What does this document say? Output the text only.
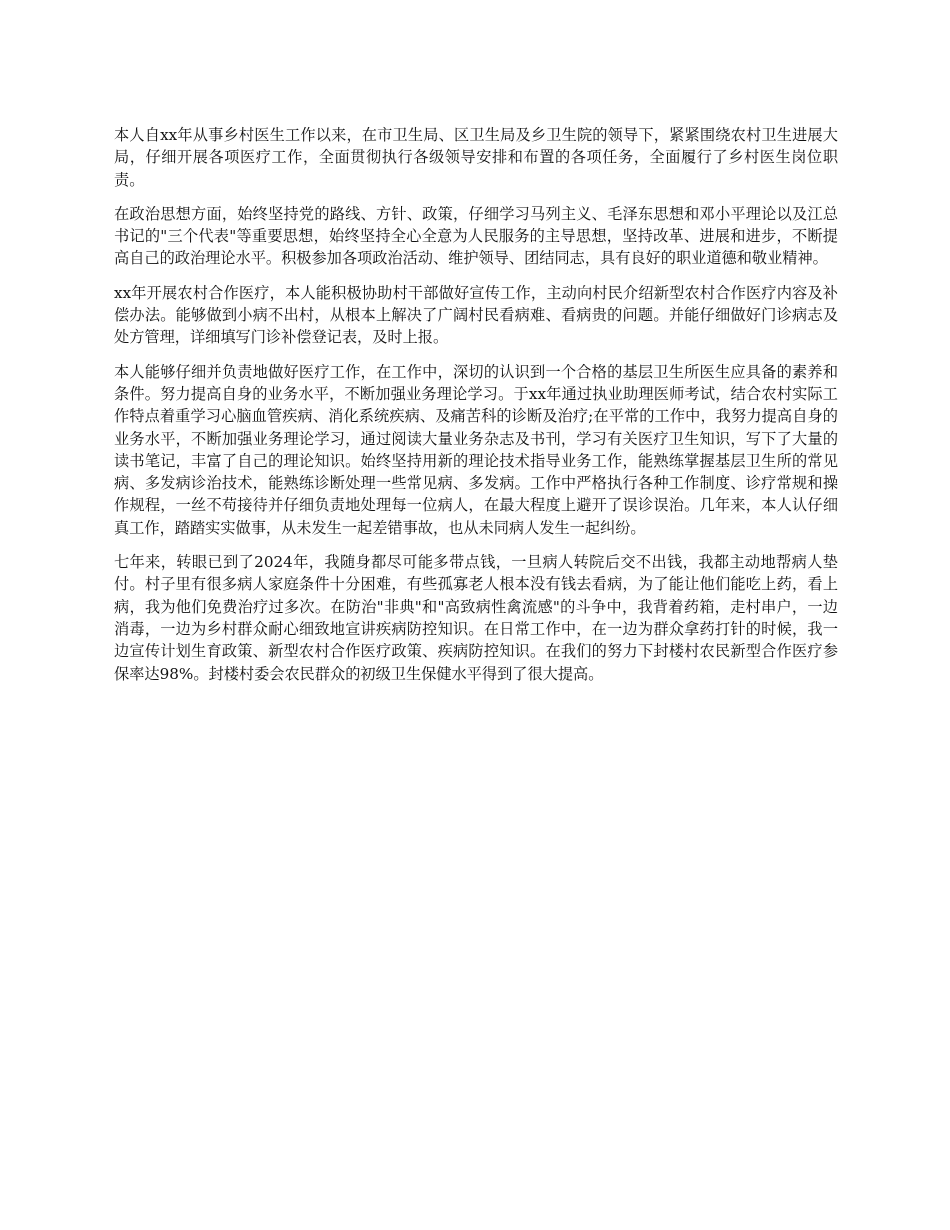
本人自xx年从事乡村医生工作以来，在市卫生局、区卫生局及乡卫生院的领导下，紧紧围绕农村卫生进展大局，仔细开展各项医疗工作，全面贯彻执行各级领导安排和布置的各项任务，全面履行了乡村医生岗位职责。

在政治思想方面，始终坚持党的路线、方针、政策，仔细学习马列主义、毛泽东思想和邓小平理论以及江总书记的"三个代表"等重要思想，始终坚持全心全意为人民服务的主导思想，坚持改革、进展和进步，不断提高自己的政治理论水平。积极参加各项政治活动、维护领导、团结同志，具有良好的职业道德和敬业精神。

xx年开展农村合作医疗，本人能积极协助村干部做好宣传工作，主动向村民介绍新型农村合作医疗内容及补偿办法。能够做到小病不出村，从根本上解决了广阔村民看病难、看病贵的问题。并能仔细做好门诊病志及处方管理，详细填写门诊补偿登记表，及时上报。

本人能够仔细并负责地做好医疗工作，在工作中，深切的认识到一个合格的基层卫生所医生应具备的素养和条件。努力提高自身的业务水平，不断加强业务理论学习。于xx年通过执业助理医师考试，结合农村实际工作特点着重学习心脑血管疾病、消化系统疾病、及痛苦科的诊断及治疗;在平常的工作中，我努力提高自身的业务水平，不断加强业务理论学习，通过阅读大量业务杂志及书刊，学习有关医疗卫生知识，写下了大量的读书笔记，丰富了自己的理论知识。始终坚持用新的理论技术指导业务工作，能熟练掌握基层卫生所的常见病、多发病诊治技术，能熟练诊断处理一些常见病、多发病。工作中严格执行各种工作制度、诊疗常规和操作规程，一丝不苟接待并仔细负责地处理每一位病人，在最大程度上避开了误诊误治。几年来，本人认仔细真工作，踏踏实实做事，从未发生一起差错事故，也从未同病人发生一起纠纷。

七年来，转眼已到了2024年，我随身都尽可能多带点钱，一旦病人转院后交不出钱，我都主动地帮病人垫付。村子里有很多病人家庭条件十分困难，有些孤寡老人根本没有钱去看病，为了能让他们能吃上药，看上病，我为他们免费治疗过多次。在防治"非典"和"高致病性禽流感"的斗争中，我背着药箱，走村串户，一边消毒，一边为乡村群众耐心细致地宣讲疾病防控知识。在日常工作中，在一边为群众拿药打针的时候，我一边宣传计划生育政策、新型农村合作医疗政策、疾病防控知识。在我们的努力下封楼村农民新型合作医疗参保率达98%。封楼村委会农民群众的初级卫生保健水平得到了很大提高。
